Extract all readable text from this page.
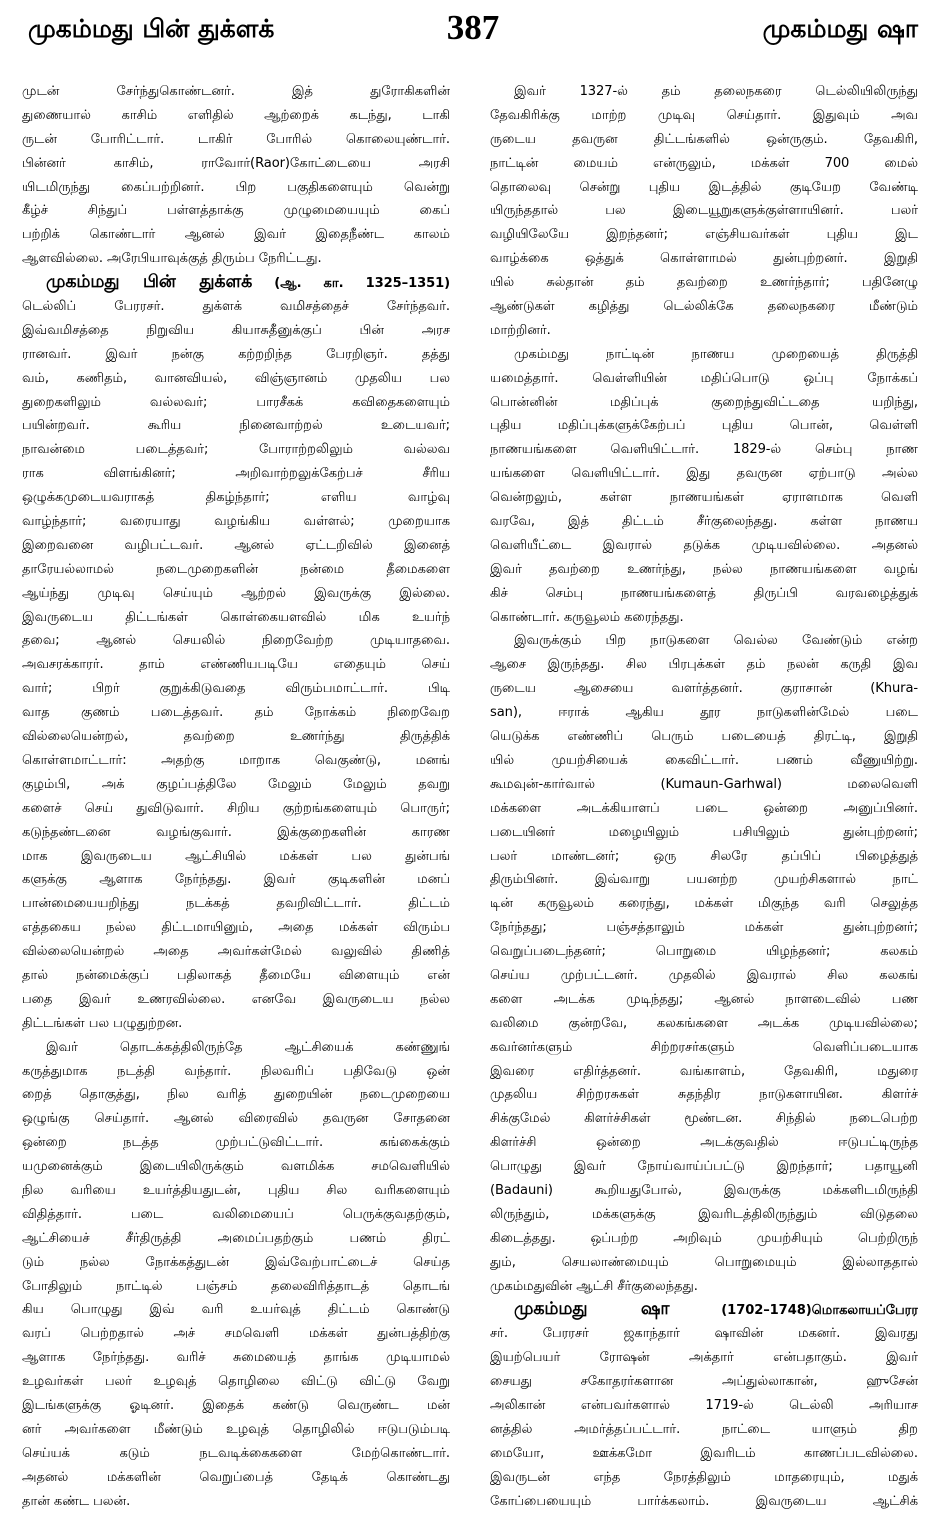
முகம்மது பின் துக்ளக்	387	முகம்மது ஷா
முடன் சேர்ந்துகொண்டனர். இத் துரோகிகளின்
துணையால் காசிம் எளிதில் ஆற்றைக் கடந்து, டாகி
ருடன் போரிட்டார். டாகிர் போரில் கொலையுண்டார்.
பின்னர் காசிம், ராவோர்(Raor)கோட்டையை அரசி
யிடமிருந்து கைப்பற்றினர். பிற பகுதிகளையும் வென்று
கீழ்ச் சிந்துப் பள்ளத்தாக்கு முழுமையையும் கைப்
பற்றிக் கொண்டார் ஆனல் இவர் இதைநீண்ட காலம்
ஆளவில்லை. அரேபியாவுக்குத் திரும்ப நேரிட்டது.
முகம்மது பின் துக்ளக் (ஆ. கா. 1325–1351)
டெல்லிப் பேரரசர். துக்ளக் வமிசத்தைச் சேர்ந்தவர்.
இவ்வமிசத்தை நிறுவிய கியாசுதீனுக்குப் பின் அரச
ரானவர். இவர் நன்கு கற்றறிந்த பேரறிஞர். தத்து
வம், கணிதம், வானவியல், விஞ்ஞானம் முதலிய பல
துறைகளிலும் வல்லவர்; பாரசீகக் கவிதைகளையும்
பயின்றவர். கூரிய நினைவாற்றல் உடையவர்;
நாவன்மை படைத்தவர்; போராற்றலிலும் வல்லவ
ராக விளங்கினர்; அறிவாற்றலுக்கேற்பச் சீரிய
ஒழுக்கமுடையவராகத் திகழ்ந்தார்; எளிய வாழ்வு
வாழ்ந்தார்; வரையாது வழங்கிய வள்ளல்; முறையாக
இறைவனை வழிபட்டவர். ஆனல் ஏட்டறிவில் இனைத்
தாரேயல்லாமல் நடைமுறைகளின் நன்மை தீமைகளை
ஆய்ந்து முடிவு செய்யும் ஆற்றல் இவருக்கு இல்லை.
இவருடைய திட்டங்கள் கொள்கையளவில் மிக உயர்ந்
தவை; ஆனல் செயலில் நிறைவேற்ற முடியாதவை.
அவசரக்காரர். தாம் எண்ணியபடியே எதையும் செய்
வார்; பிறர் குறுக்கிடுவதை விரும்பமாட்டார். பிடி
வாத குணம் படைத்தவர். தம் நோக்கம் நிறைவேற
வில்லையென்றல், தவற்றை உணர்ந்து திருத்திக்
கொள்ளமாட்டார்: அதற்கு மாறாக வெகுண்டு, மனங்
குழம்பி, அக் குழப்பத்திலே மேலும் மேலும் தவறு
களைச் செய் துவிடுவார். சிறிய குற்றங்களையும் பொருர்;
கடுந்தண்டனை வழங்குவார். இக்குறைகளின் காரண
மாக இவருடைய ஆட்சியில் மக்கள் பல துன்பங்
களுக்கு ஆளாக நேர்ந்தது. இவர் குடிகளின் மனப்
பான்மையையறிந்து நடக்கத் தவறிவிட்டார். திட்டம்
எத்தகைய நல்ல திட்டமாயினும், அதை மக்கள் விரும்ப
வில்லையென்றல் அதை அவர்கள்மேல் வலுவில் திணித்
தால் நன்மைக்குப் பதிலாகத் தீமையே விளையும் என்
பதை இவர் உணரவில்லை. எனவே இவருடைய நல்ல
திட்டங்கள் பல பழுதுற்றன.
இவர் தொடக்கத்திலிருந்தே ஆட்சியைக் கண்ணுங்
கருத்துமாக நடத்தி வந்தார். நிலவரிப் பதிவேடு ஒன்
றைத் தொகுத்து, நில வரித் துறையின் நடைமுறையை
ஒழுங்கு செய்தார். ஆனல் விரைவில் தவருன சோதனை
ஒன்றை நடத்த முற்பட்டுவிட்டார். கங்கைக்கும்
யமுனைக்கும் இடையிலிருக்கும் வளமிக்க சமவெளியில்
நில வரியை உயர்த்தியதுடன், புதிய சில வரிகளையும்
விதித்தார். படை வலிமையைப் பெருக்குவதற்கும்,
ஆட்சியைச் சீர்திருத்தி அமைப்பதற்கும் பணம் திரட்
டும் நல்ல நோக்கத்துடன் இவ்வேற்பாட்டைச் செய்த
போதிலும் நாட்டில் பஞ்சம் தலைவிரித்தாடத் தொடங்
கிய பொழுது இவ் வரி உயர்வுத் திட்டம் கொண்டு
வரப் பெற்றதால் அச் சமவெளி மக்கள் துன்பத்திற்கு
ஆளாக நேர்ந்தது. வரிச் சுமையைத் தாங்க முடியாமல்
உழவர்கள் பலர் உழவுத் தொழிலை விட்டு விட்டு வேறு
இடங்களுக்கு ஓடினர். இதைக் கண்டு வெருண்ட மன்
னர் அவர்களை மீண்டும் உழவுத் தொழிலில் ஈடுபடும்படி
செய்யக் கடும் நடவடிக்கைகளை மேற்கொண்டார்.
அதனல் மக்களின் வெறுப்பைத் தேடிக் கொண்டது
தான் கண்ட பலன்.
இவர் 1327-ல் தம் தலைநகரை டெல்லியிலிருந்து
தேவகிரிக்கு மாற்ற முடிவு செய்தார். இதுவும் அவ
ருடைய தவருன திட்டங்களில் ஒன்ருகும். தேவகிரி,
நாட்டின் மையம் என்ருலும், மக்கள் 700 மைல்
தொலைவு சென்று புதிய இடத்தில் குடியேற வேண்டி
யிருந்ததால் பல இடையூறுகளுக்குள்ளாயினர். பலர்
வழியிலேயே இறந்தனர்; எஞ்சியவர்கள் புதிய இட
வாழ்க்கை ஒத்துக் கொள்ளாமல் துன்புற்றனர். இறுதி
யில் சுல்தான் தம் தவற்றை உணர்ந்தார்; பதினேழு
ஆண்டுகள் கழித்து டெல்லிக்கே தலைநகரை மீண்டும்
மாற்றினர்.
முகம்மது நாட்டின் நாணய முறையைத் திருத்தி
யமைத்தார். வெள்ளியின் மதிப்பொடு ஒப்பு நோக்கப்
பொன்னின் மதிப்புக் குறைந்துவிட்டதை யறிந்து,
புதிய மதிப்புக்களுக்கேற்பப் புதிய பொன், வெள்ளி
நாணயங்களை வெளியிட்டார். 1829-ல் செம்பு நாண
யங்களை வெளியிட்டார். இது தவருன ஏற்பாடு அல்ல
வென்றலும், கள்ள நாணயங்கள் ஏராளமாக வெளி
வரவே, இத் திட்டம் சீர்குலைந்தது. கள்ள நாணய
வெளியீட்டை இவரால் தடுக்க முடியவில்லை. அதனல்
இவர் தவற்றை உணர்ந்து, நல்ல நாணயங்களை வழங்
கிச் செம்பு நாணயங்களைத் திருப்பி வரவழைத்துக்
கொண்டார். கருவூலம் கரைந்தது.
இவருக்கும் பிற நாடுகளை வெல்ல வேண்டும் என்ற
ஆசை இருந்தது. சில பிரபுக்கள் தம் நலன் கருதி இவ
ருடைய ஆசையை வளர்த்தனர். குராசான் (Khura-
san), ஈராக் ஆகிய தூர நாடுகளின்மேல் படை
யெடுக்க எண்ணிப் பெரும் படையைத் திரட்டி, இறுதி
யில் முயற்சியைக் கைவிட்டார். பணம் வீணுயிற்று.
கூமவுன்-கார்வால் (Kumaun-Garhwal) மலைவெளி
மக்களை அடக்கியாளப் படை ஒன்றை அனுப்பினர்.
படையினர் மழையிலும் பசியிலும் துன்புற்றனர்;
பலர் மாண்டனர்; ஒரு சிலரே தப்பிப் பிழைத்துத்
திரும்பினர். இவ்வாறு பயனற்ற முயற்சிகளால் நாட்
டின் கருவூலம் கரைந்து, மக்கள் மிகுந்த வரி செலுத்த
நேர்ந்தது; பஞ்சத்தாலும் மக்கள் துன்புற்றனர்;
வெறுப்படைந்தனர்; பொறுமை யிழந்தனர்; கலகம்
செய்ய முற்பட்டனர். முதலில் இவரால் சில கலகங்
களை அடக்க முடிந்தது; ஆனல் நாளடைவில் பண
வலிமை குன்றவே, கலகங்களை அடக்க முடியவில்லை;
கவர்னர்களும் சிற்றரசர்களும் வெளிப்படையாக
இவரை எதிர்த்தனர். வங்காளம், தேவகிரி, மதுரை
முதலிய சிற்றரசுகள் சுதந்திர நாடுகளாயின. கிளர்ச்
சிக்குமேல் கிளர்ச்சிகள் மூண்டன. சிந்தில் நடைபெற்ற
கிளர்ச்சி ஒன்றை அடக்குவதில் ஈடுபட்டிருந்த
பொழுது இவர் நோய்வாய்ப்பட்டு இறந்தார்; பதாயூனி
(Badauni) கூறியதுபோல், இவருக்கு மக்களிடமிருந்தி
லிருந்தும், மக்களுக்கு இவரிடத்திலிருந்தும் விடுதலை
கிடைத்தது. ஒப்பற்ற அறிவும் முயற்சியும் பெற்றிருந்
தும், செயலாண்மையும் பொறுமையும் இல்லாததால்
முகம்மதுவின் ஆட்சி சீர்குலைந்தது.
முகம்மது ஷா (1702–1748)மொகலாயப்பேரர
சர். பேரரசர் ஜகாந்தார் ஷாவின் மகனர். இவரது
இயற்பெயர் ரோஷன் அக்தார் என்பதாகும். இவர்
சையது சகோதரர்களான அப்துல்லாகான், ஹுசேன்
அலிகான் என்பவர்களால் 1719-ல் டெல்லி அரியாச
னத்தில் அமர்த்தப்பட்டார். நாட்டை யாளும் திற
மையோ, ஊக்கமோ இவரிடம் காணப்படவில்லை.
இவருடன் எந்த நேரத்திலும் மாதரையும், மதுக்
கோப்பையையும் பார்க்கலாம். இவருடைய ஆட்சிக்
